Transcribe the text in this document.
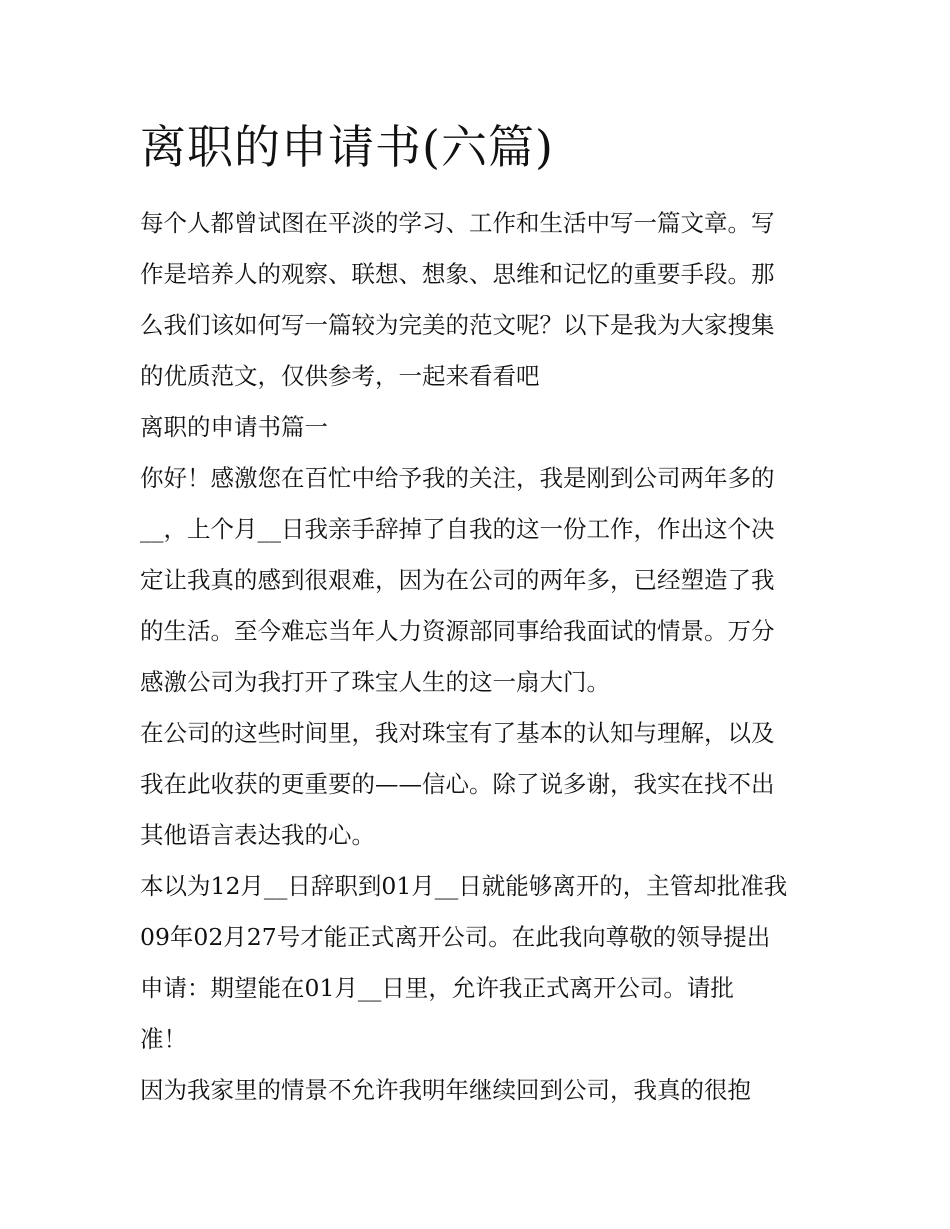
离职的申请书(六篇)
每个人都曾试图在平淡的学习、工作和生活中写一篇文章。写
作是培养人的观察、联想、想象、思维和记忆的重要手段。那
么我们该如何写一篇较为完美的范文呢？以下是我为大家搜集
的优质范文，仅供参考，一起来看看吧
离职的申请书篇一
你好！感激您在百忙中给予我的关注，我是刚到公司两年多的
__，上个月__日我亲手辞掉了自我的这一份工作，作出这个决
定让我真的感到很艰难，因为在公司的两年多，已经塑造了我
的生活。至今难忘当年人力资源部同事给我面试的情景。万分
感激公司为我打开了珠宝人生的这一扇大门。
在公司的这些时间里，我对珠宝有了基本的认知与理解，以及
我在此收获的更重要的——信心。除了说多谢，我实在找不出
其他语言表达我的心。
本以为12月__日辞职到01月__日就能够离开的，主管却批准我
09年02月27号才能正式离开公司。在此我向尊敬的领导提出
申请：期望能在01月__日里，允许我正式离开公司。请批
准！
因为我家里的情景不允许我明年继续回到公司，我真的很抱
